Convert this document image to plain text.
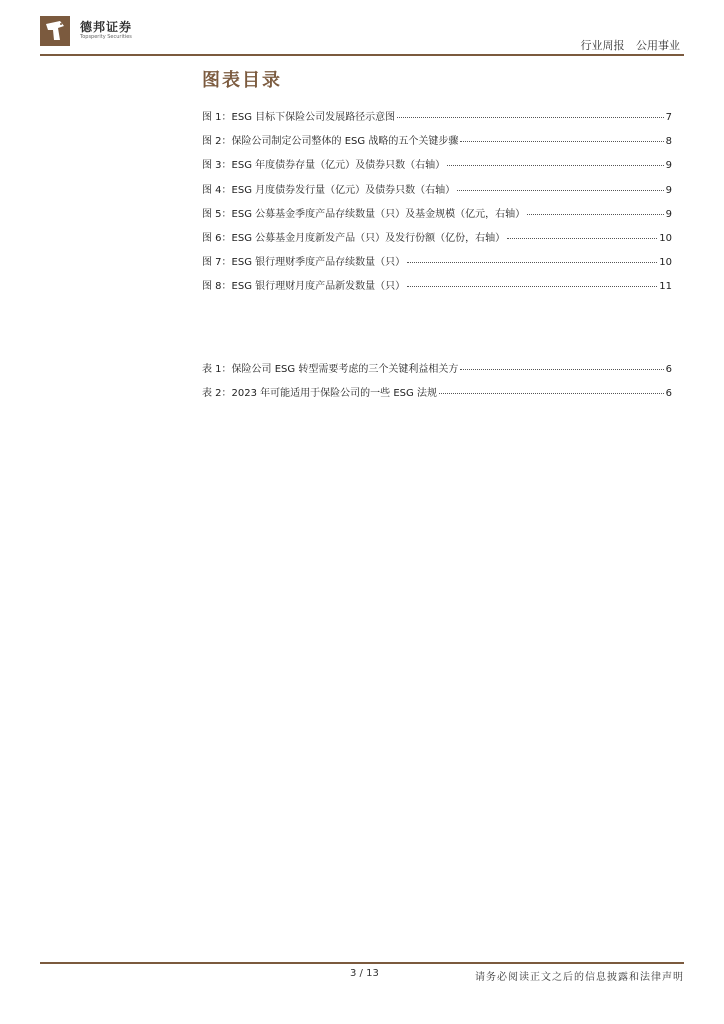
德邦证券
Topsperity Securities
行业周报 公用事业
图表目录
图 1：ESG 目标下保险公司发展路径示意图	7
图 2：保险公司制定公司整体的 ESG 战略的五个关键步骤	8
图 3：ESG 年度债券存量（亿元）及债券只数（右轴）	9
图 4：ESG 月度债券发行量（亿元）及债券只数（右轴）	9
图 5：ESG 公募基金季度产品存续数量（只）及基金规模（亿元，右轴）	9
图 6：ESG 公募基金月度新发产品（只）及发行份额（亿份，右轴）	10
图 7：ESG 银行理财季度产品存续数量（只）	10
图 8：ESG 银行理财月度产品新发数量（只）	11
表 1：保险公司 ESG 转型需要考虑的三个关键利益相关方	6
表 2：2023 年可能适用于保险公司的一些 ESG 法规	6
3 / 13	请务必阅读正文之后的信息披露和法律声明
